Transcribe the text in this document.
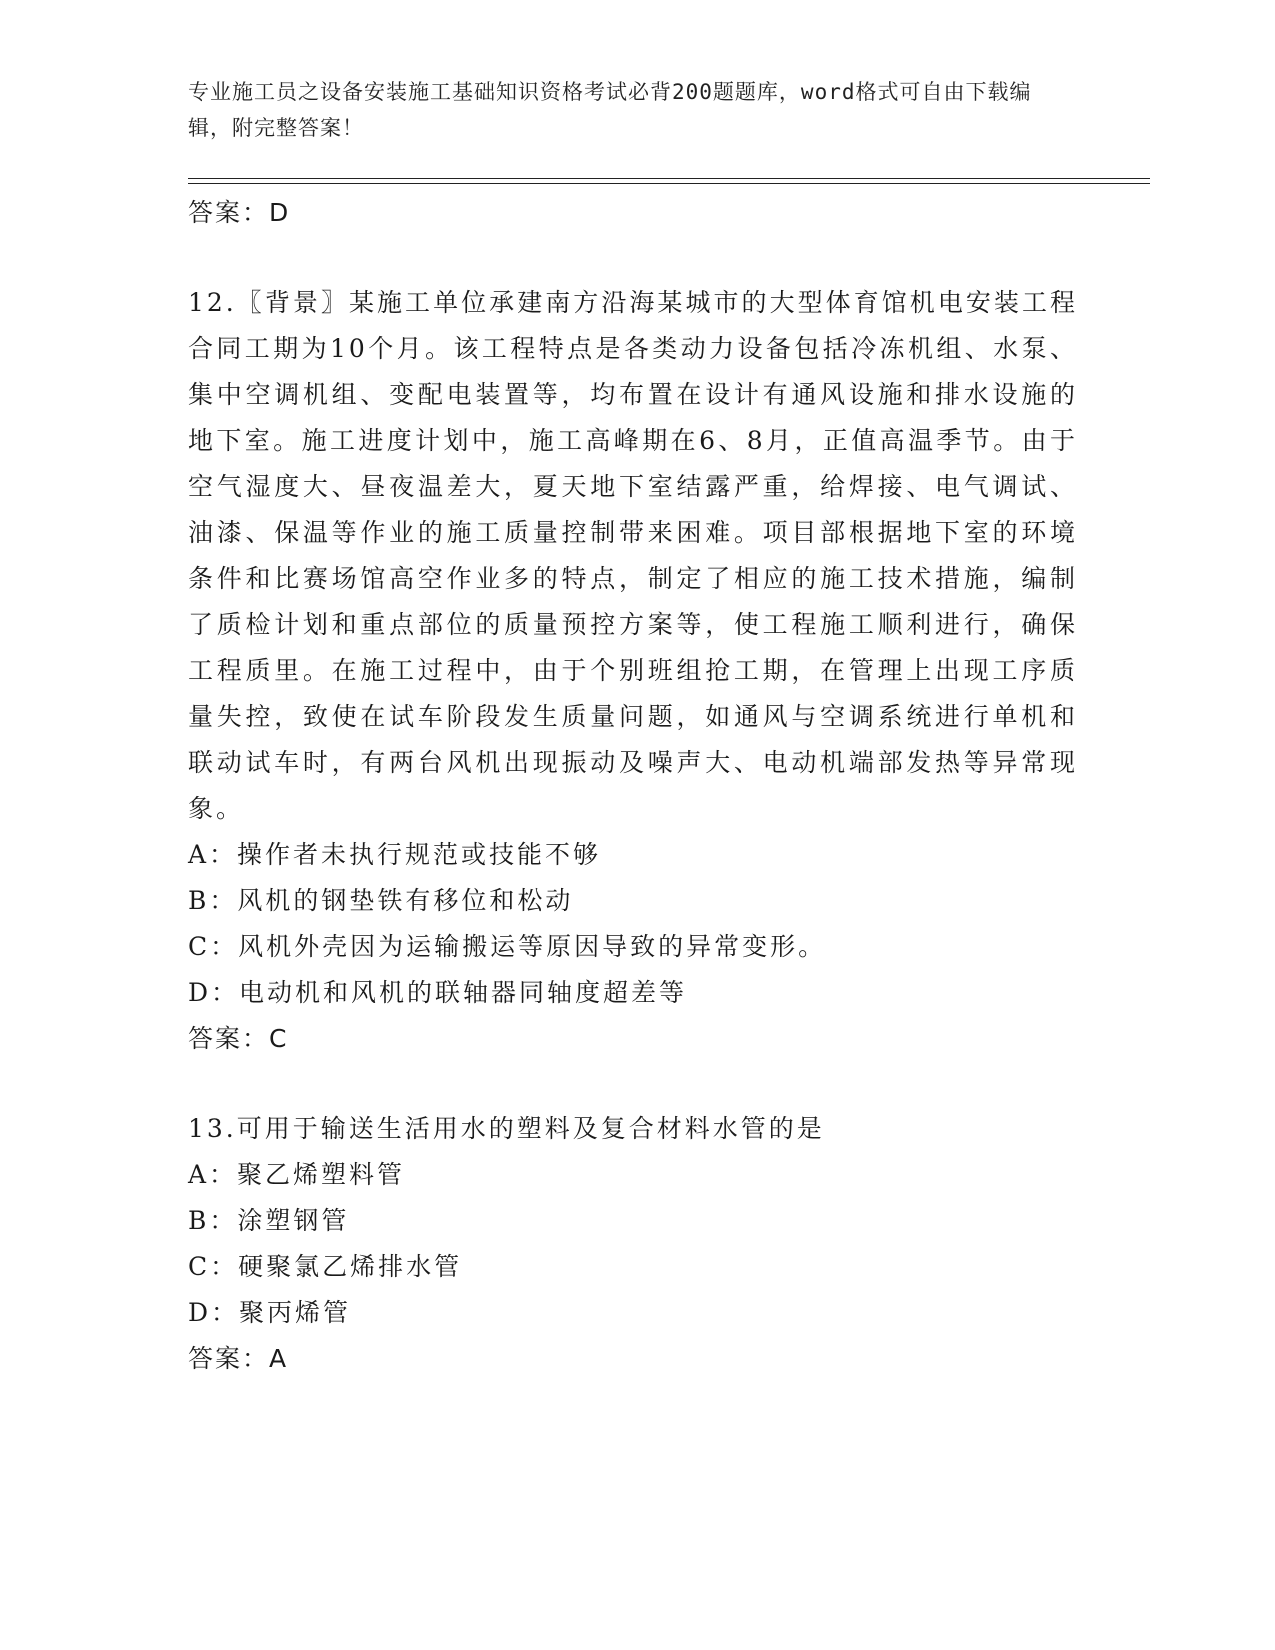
专业施工员之设备安装施工基础知识资格考试必背200题题库，word格式可自由下载编辑，附完整答案！
答案：D

12.〖背景〗某施工单位承建南方沿海某城市的大型体育馆机电安装工程合同工期为10个月。该工程特点是各类动力设备包括冷冻机组、水泵、集中空调机组、变配电装置等，均布置在设计有通风设施和排水设施的地下室。施工进度计划中，施工高峰期在6、8月，正值高温季节。由于空气湿度大、昼夜温差大，夏天地下室结露严重，给焊接、电气调试、油漆、保温等作业的施工质量控制带来困难。项目部根据地下室的环境条件和比赛场馆高空作业多的特点，制定了相应的施工技术措施，编制了质检计划和重点部位的质量预控方案等，使工程施工顺利进行，确保工程质里。在施工过程中，由于个别班组抢工期，在管理上出现工序质量失控，致使在试车阶段发生质量问题，如通风与空调系统进行单机和联动试车时，有两台风机出现振动及噪声大、电动机端部发热等异常现象。

A：操作者未执行规范或技能不够
B：风机的钢垫铁有移位和松动
C：风机外壳因为运输搬运等原因导致的异常变形。
D：电动机和风机的联轴器同轴度超差等
答案：C

13.可用于输送生活用水的塑料及复合材料水管的是

A：聚乙烯塑料管
B：涂塑钢管
C：硬聚氯乙烯排水管
D：聚丙烯管
答案：A
